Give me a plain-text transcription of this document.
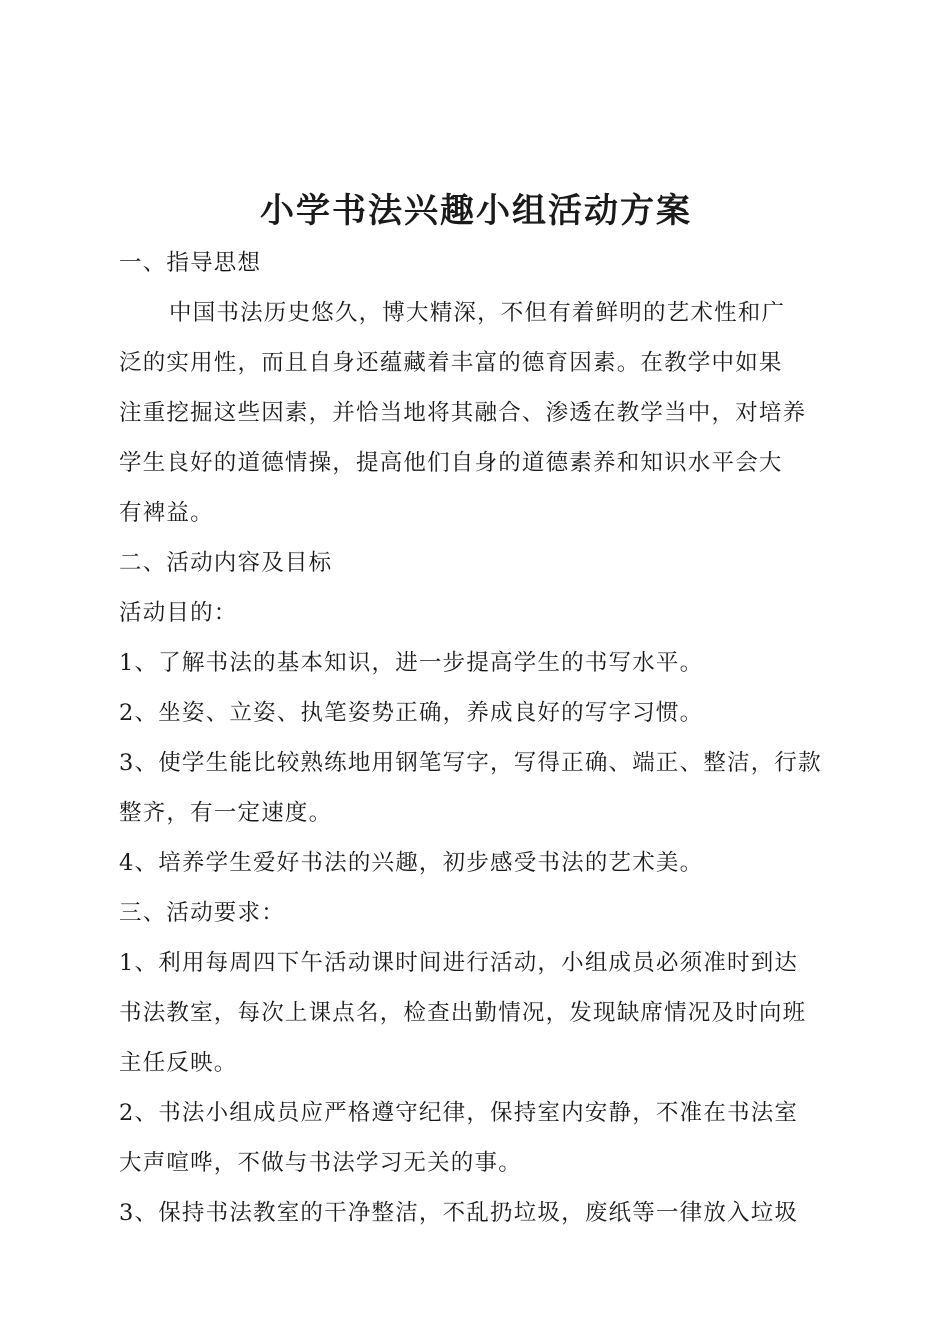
小学书法兴趣小组活动方案

一、指导思想

中国书法历史悠久，博大精深，不但有着鲜明的艺术性和广

泛的实用性，而且自身还蕴藏着丰富的德育因素。在教学中如果

注重挖掘这些因素，并恰当地将其融合、渗透在教学当中，对培养

学生良好的道德情操，提高他们自身的道德素养和知识水平会大

有裨益。

二、活动内容及目标

活动目的：

1、了解书法的基本知识，进一步提高学生的书写水平。

2、坐姿、立姿、执笔姿势正确，养成良好的写字习惯。

3、使学生能比较熟练地用钢笔写字，写得正确、端正、整洁，行款

整齐，有一定速度。

4、培养学生爱好书法的兴趣，初步感受书法的艺术美。

三、活动要求：

1、利用每周四下午活动课时间进行活动，小组成员必须准时到达

书法教室，每次上课点名，检查出勤情况，发现缺席情况及时向班

主任反映。

2、书法小组成员应严格遵守纪律，保持室内安静，不准在书法室

大声喧哗，不做与书法学习无关的事。

3、保持书法教室的干净整洁，不乱扔垃圾，废纸等一律放入垃圾
